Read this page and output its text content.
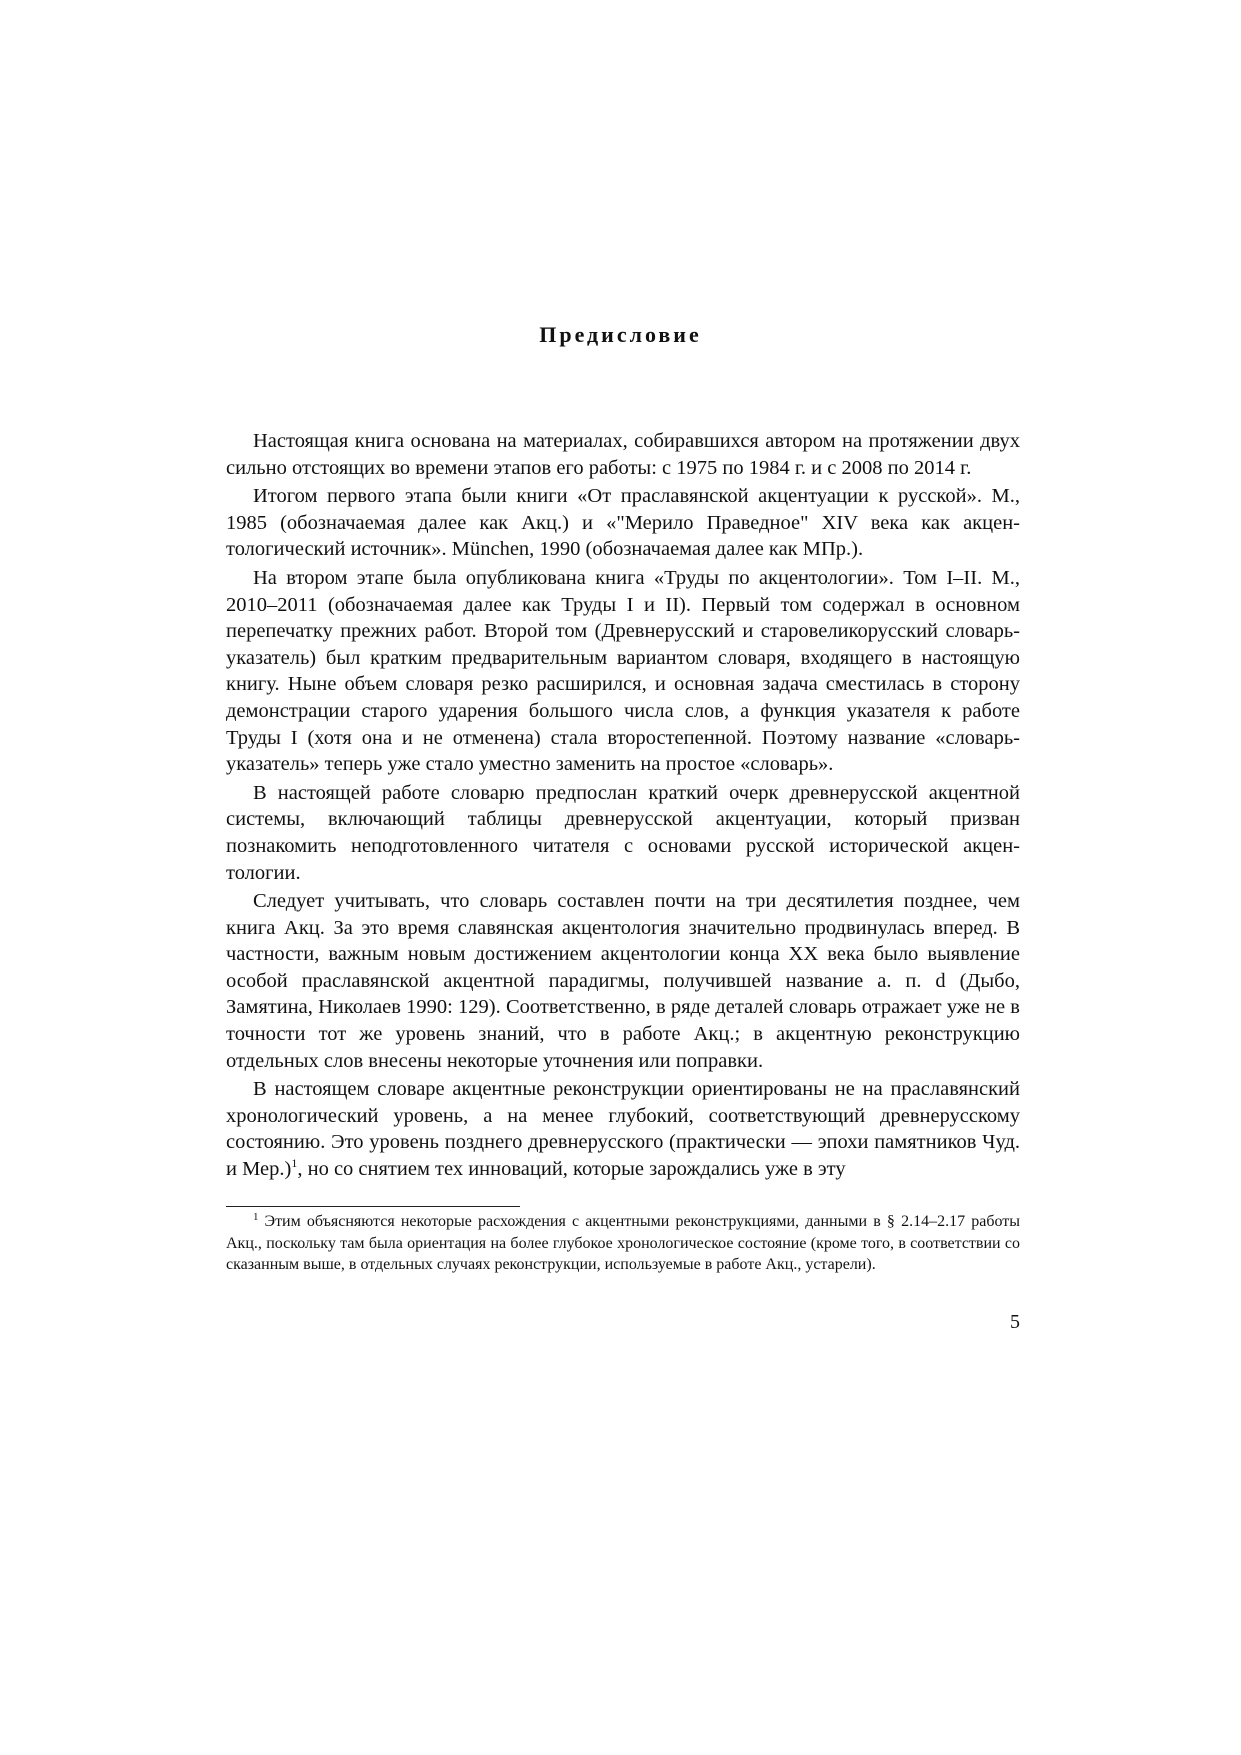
Предисловие

Настоящая книга основана на материалах, собиравшихся автором на протяжении двух сильно отстоящих во времени этапов его работы: с 1975 по 1984 г. и с 2008 по 2014 г.

Итогом первого этапа были книги «От праславянской акцентуации к русской». М., 1985 (обозначаемая далее как Акц.) и «"Мерило Праведное" XIV века как акцентологический источник». München, 1990 (обозначаемая далее как МПр.).

На втором этапе была опубликована книга «Труды по акцентологии». Том I–II. М., 2010–2011 (обозначаемая далее как Труды I и II). Первый том содержал в основном перепечатку прежних работ. Второй том (Древнерусский и старовеликорусский словарь-указатель) был кратким предварительным вариантом словаря, входящего в настоящую книгу. Ныне объем словаря резко расширился, и основная задача сместилась в сторону демонстрации старого ударения большого числа слов, а функция указателя к работе Труды I (хотя она и не отменена) стала второстепенной. Поэтому название «словарь-указатель» теперь уже стало уместно заменить на простое «словарь».

В настоящей работе словарю предпослан краткий очерк древнерусской акцентной системы, включающий таблицы древнерусской акцентуации, который призван познакомить неподготовленного читателя с основами русской исторической акцентологии.

Следует учитывать, что словарь составлен почти на три десятилетия позднее, чем книга Акц. За это время славянская акцентология значительно продвинулась вперед. В частности, важным новым достижением акцентологии конца XX века было выявление особой праславянской акцентной парадигмы, получившей название а. п. d (Дыбо, Замятина, Николаев 1990: 129). Соответственно, в ряде деталей словарь отражает уже не в точности тот же уровень знаний, что в работе Акц.; в акцентную реконструкцию отдельных слов внесены некоторые уточнения или поправки.

В настоящем словаре акцентные реконструкции ориентированы не на праславянский хронологический уровень, а на менее глубокий, соответствующий древнерусскому состоянию. Это уровень позднего древнерусского (практически — эпохи памятников Чуд. и Мер.)$^1$, но со снятием тех инноваций, которые зарождались уже в эту

$^1$ Этим объясняются некоторые расхождения с акцентными реконструкциями, данными в § 2.14–2.17 работы Акц., поскольку там была ориентация на более глубокое хронологическое состояние (кроме того, в соответствии со сказанным выше, в отдельных случаях реконструкции, используемые в работе Акц., устарели).

5
